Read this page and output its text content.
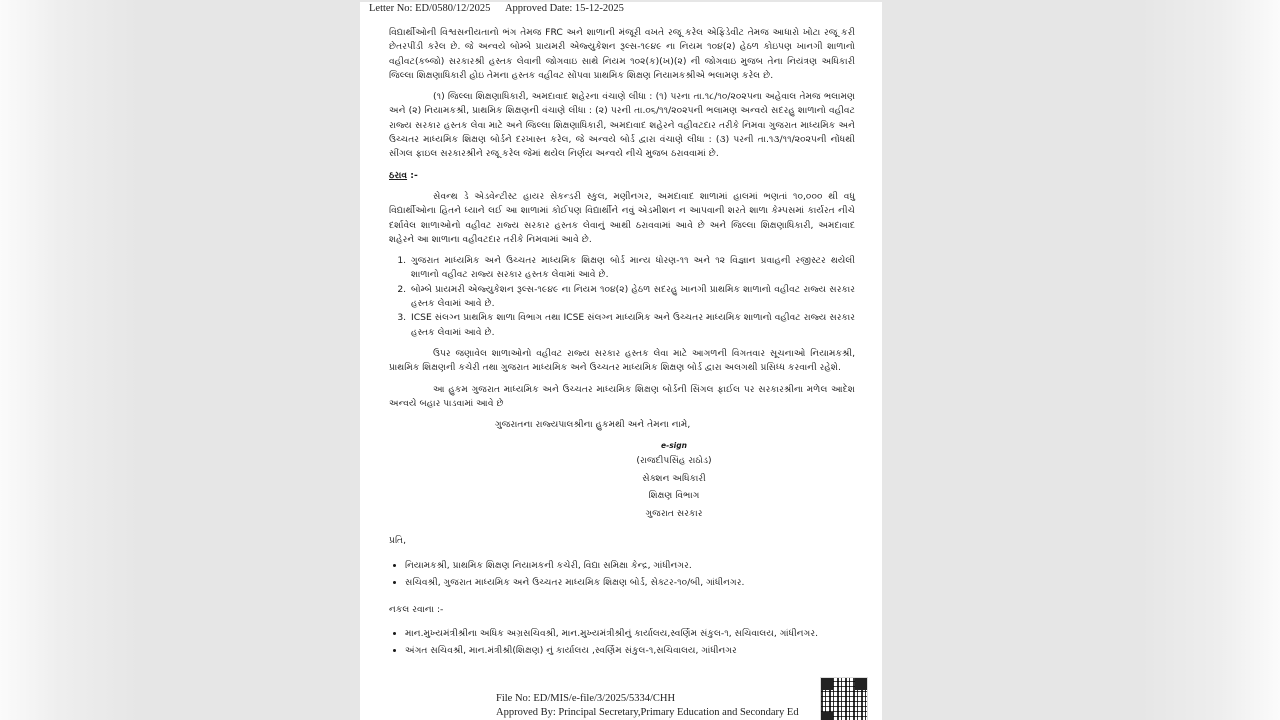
Letter No: ED/0580/12/2025 Approved Date: 15-12-2025

વિદ્યાર્થીઓની વિશ્વસનીયતાનો ભંગ તેમજ FRC અને શાળાની મંજૂરી વખતે રજૂ કરેલ એફિડેવીટ તેમજ આધારો ખોટા રજૂ કરી છેતરપીંડી કરેલ છે. જે અન્વયે બોમ્બે પ્રાયમરી એજ્યુકેશન રૂલ્સ-૧૯૪૯ ના નિયમ ૧૦૪(૨) હેઠળ કોઇપણ ખાનગી શાળાનો વહીવટ(કબ્જો) સરકારશ્રી હસ્તક લેવાની જોગવાઇ સાથે નિયમ ૧૦૨(ક)(ખ)(૨) ની જોગવાઇ મુજબ તેના નિયંત્રણ અધિકારી જિલ્લા શિક્ષણાધિકારી હોઇ તેમના હસ્તક વહીવટ સોંપવા પ્રાથમિક શિક્ષણ નિયામકશ્રીએ ભલામણ કરેલ છે.

(૧) જિલ્લા શિક્ષણાધિકારી, અમદાવાદ શહેરના વંચાણે લીધા : (૧) પરના તા.૧૮/૧૦/૨૦૨૫ના અહેવાલ તેમજ ભલામણ અને (૨) નિયામકશ્રી, પ્રાથમિક શિક્ષણની વંચાણે લીધા : (૨) પરની તા.૦૬/૧૧/૨૦૨૫ની ભલામણ અન્વયે સદરહુ શાળાનો વહીવટ રાજ્ય સરકાર હસ્તક લેવા માટે અને જિલ્લા શિક્ષણાધિકારી, અમદાવાદ શહેરને વહીવટદાર તરીકે નિમવા ગુજરાત માધ્યમિક અને ઉચ્ચતર માધ્યમિક શિક્ષણ બોર્ડને દરખાસ્ત કરેલ, જે અન્વયે બોર્ડ દ્વારા વંચાણે લીધા : (૩) પરની તા.૧૩/૧૧/૨૦૨૫ની નોંધથી સીંગલ ફાઇલ સરકારશ્રીને રજૂ કરેલ જેમાં થયેલ નિર્ણય અન્વયે નીચે મુજબ ઠરાવવામાં છે.

ઠરાવ :-

સેવન્થ ડે એડવેન્ટીસ્ટ હાયર સેકન્ડરી સ્કુલ, મણીનગર, અમદાવાદ શાળામાં હાલમાં ભણતાં ૧૦,૦૦૦ થી વધુ વિદ્યાર્થીઓના હિતને ધ્યાને લઈ આ શાળામાં કોઈપણ વિદ્યાર્થીને નવું એડમીશન ન આપવાની શરતે શાળા કેમ્પસમાં કાર્યરત નીચે દર્શાવેલ શાળાઓનો વહીવટ રાજ્ય સરકાર હસ્તક લેવાનું આથી ઠરાવવામાં આવે છે અને જિલ્લા શિક્ષણાધિકારી, અમદાવાદ શહેરને આ શાળાના વહીવટદાર તરીકે નિમવામાં આવે છે.

1. ગુજરાત માધ્યમિક અને ઉચ્ચતર માધ્યમિક શિક્ષણ બોર્ડ માન્ય ધોરણ-૧૧ અને ૧૨ વિજ્ઞાન પ્રવાહની રજીસ્ટર થયેલી શાળાનો વહીવટ રાજ્ય સરકાર હસ્તક લેવામાં આવે છે.
2. બોમ્બે પ્રાયમરી એજ્યુકેશન રૂલ્સ-૧૯૪૯ ના નિયમ ૧૦૪(૨) હેઠળ સદરહુ ખાનગી પ્રાથમિક શાળાનો વહીવટ રાજ્ય સરકાર હસ્તક લેવામાં આવે છે.
3. ICSE સંલગ્ન પ્રાથમિક શાળા વિભાગ તથા ICSE સંલગ્ન માધ્યમિક અને ઉચ્ચતર માધ્યમિક શાળાનો વહીવટ રાજ્ય સરકાર હસ્તક લેવામાં આવે છે.

ઉપર જણાવેલ શાળાઓનો વહીવટ રાજ્ય સરકાર હસ્તક લેવા માટે આગળની વિગતવાર સૂચનાઓ નિયામકશ્રી, પ્રાથમિક શિક્ષણની કચેરી તથા ગુજરાત માધ્યમિક અને ઉચ્ચતર માધ્યમિક શિક્ષણ બોર્ડ દ્વારા અલગથી પ્રસિધ્ધ કરવાની રહેશે.

આ હુકમ ગુજરાત માધ્યમિક અને ઉચ્ચતર માધ્યમિક શિક્ષણ બોર્ડની સિંગલ ફાઈલ પર સરકારશ્રીના મળેલ આદેશ અન્વયે બહાર પાડવામાં આવે છે

ગુજરાતના રાજ્યપાલશ્રીના હુકમથી અને તેમના નામે,

e-sign
(રાજદીપસિંહ રાઠોડ)
સેક્શન અધિકારી
શિક્ષણ વિભાગ
ગુજરાત સરકાર

પ્રતિ,

• નિયામકશ્રી, પ્રાથમિક શિક્ષણ નિયામકની કચેરી, વિદ્યા સમિક્ષા કેન્દ્ર, ગાંધીનગર.
• સચિવશ્રી, ગુજરાત માધ્યમિક અને ઉચ્ચતર માધ્યમિક શિક્ષણ બોર્ડ, સેક્ટર-૧૦/બી, ગાંધીનગર.

નકલ રવાના :-

• માન.મુખ્યમંત્રીશ્રીના અધિક અગ્રસચિવશ્રી, માન.મુખ્યમંત્રીશ્રીનું કાર્યાલય,સ્વર્ણિમ સંકુલ-૧, સચિવાલય, ગાંધીનગર.
• અંગત સચિવશ્રી, માન.મંત્રીશ્રી(શિક્ષણ) નું કાર્યાલય ,સ્વર્ણિમ સંકુલ-૧,સચિવાલય, ગાંધીનગર
File No: ED/MIS/e-file/3/2025/5334/CHH
Approved By: Principal Secretary,Primary Education and Secondary Ed
